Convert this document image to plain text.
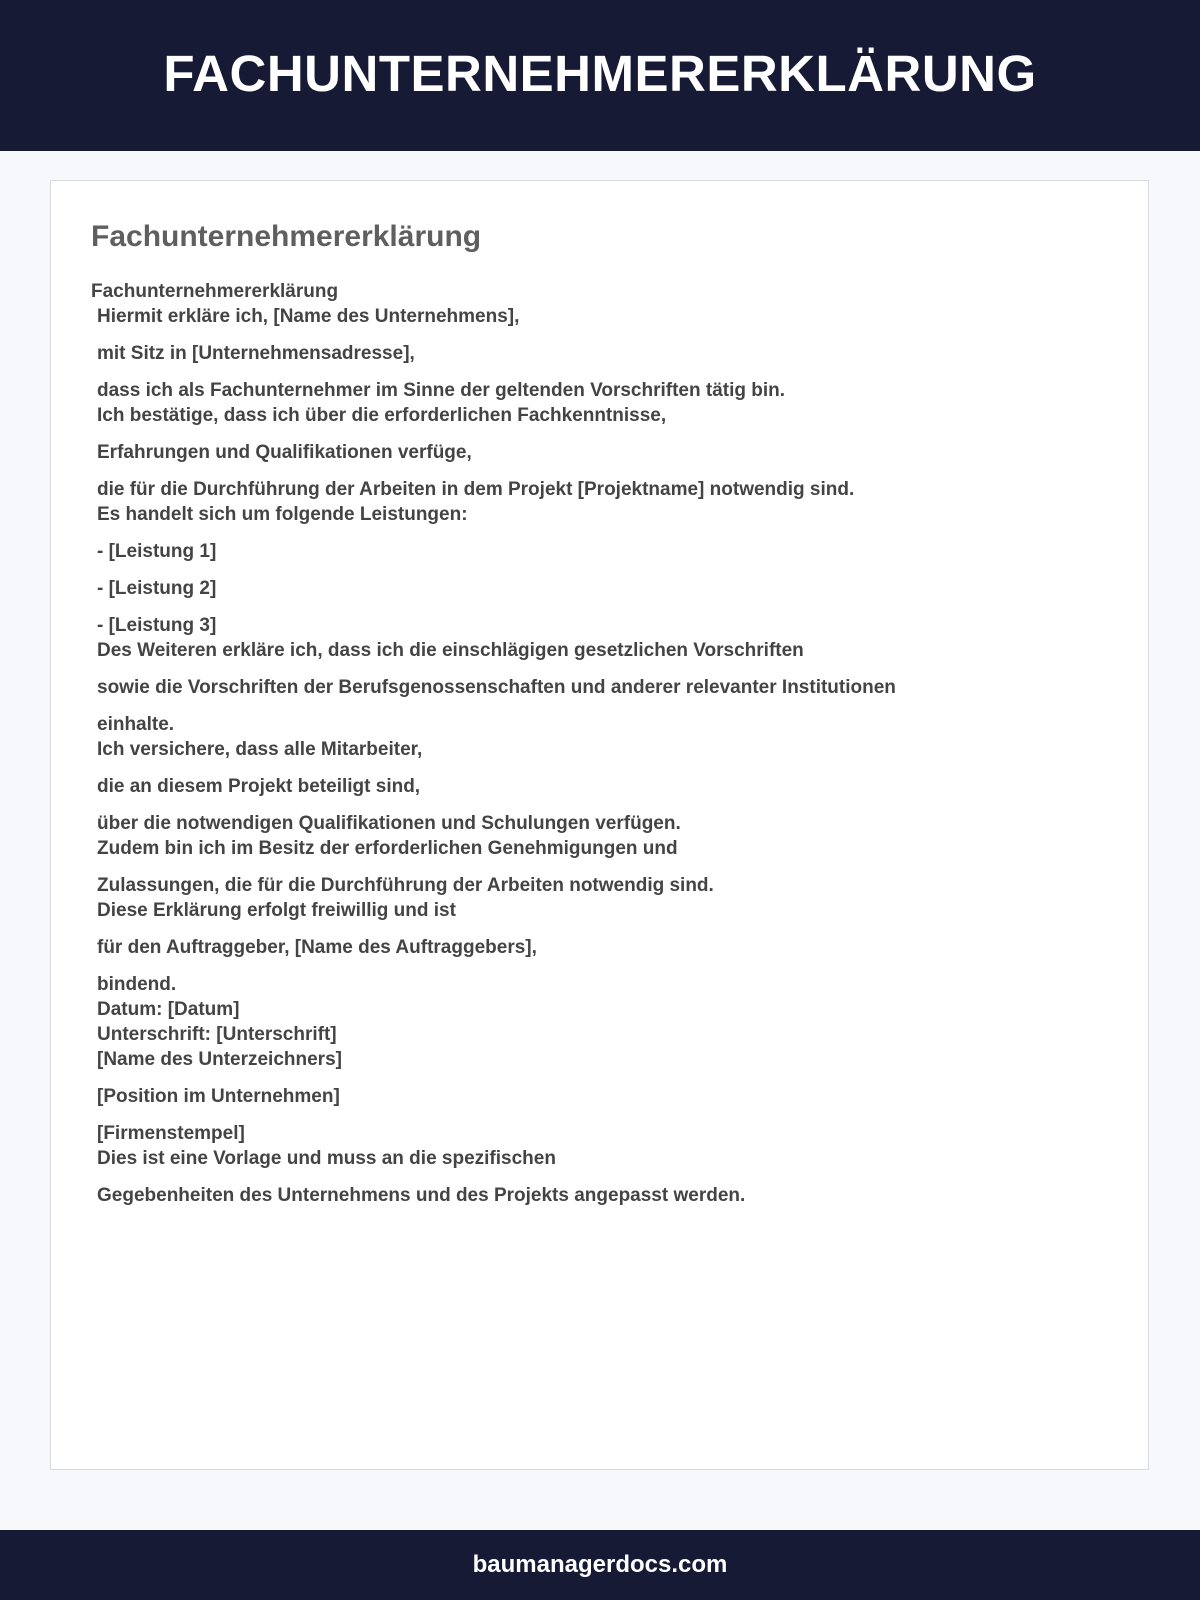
FACHUNTERNEHMERERKLÄRUNG
Fachunternehmererklärung
Fachunternehmererklärung
Hiermit erkläre ich, [Name des Unternehmens],
mit Sitz in [Unternehmensadresse],
dass ich als Fachunternehmer im Sinne der geltenden Vorschriften tätig bin.
Ich bestätige, dass ich über die erforderlichen Fachkenntnisse,
Erfahrungen und Qualifikationen verfüge,
die für die Durchführung der Arbeiten in dem Projekt [Projektname] notwendig sind.
Es handelt sich um folgende Leistungen:
- [Leistung 1]
- [Leistung 2]
- [Leistung 3]
Des Weiteren erkläre ich, dass ich die einschlägigen gesetzlichen Vorschriften
sowie die Vorschriften der Berufsgenossenschaften und anderer relevanter Institutionen
einhalte.
Ich versichere, dass alle Mitarbeiter,
die an diesem Projekt beteiligt sind,
über die notwendigen Qualifikationen und Schulungen verfügen.
Zudem bin ich im Besitz der erforderlichen Genehmigungen und
Zulassungen, die für die Durchführung der Arbeiten notwendig sind.
Diese Erklärung erfolgt freiwillig und ist
für den Auftraggeber, [Name des Auftraggebers],
bindend.
Datum: [Datum]
Unterschrift: [Unterschrift]
[Name des Unterzeichners]
[Position im Unternehmen]
[Firmenstempel]
Dies ist eine Vorlage und muss an die spezifischen
Gegebenheiten des Unternehmens und des Projekts angepasst werden.
baumanagerdocs.com
